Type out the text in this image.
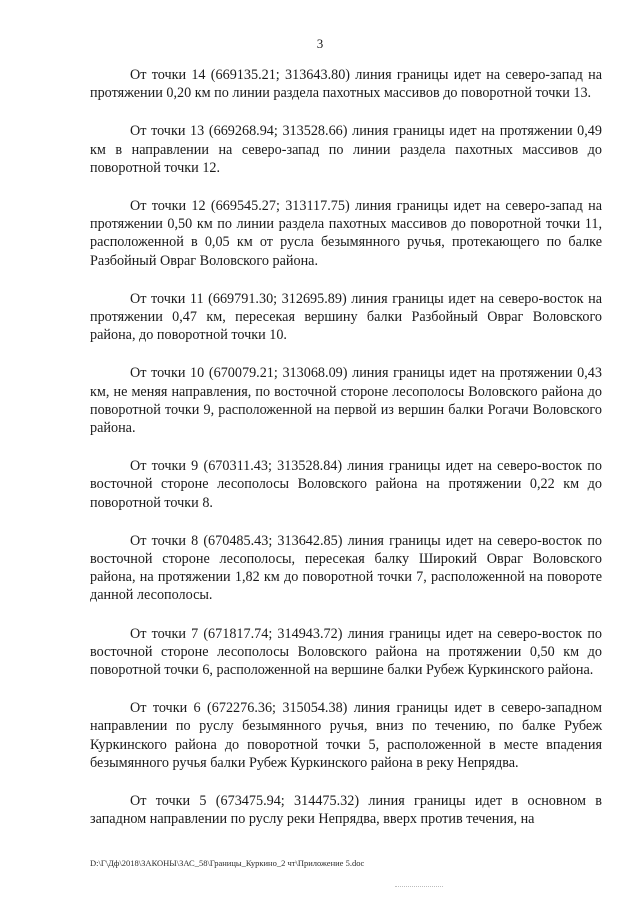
3

От точки 14 (669135.21; 313643.80) линия границы идет на северо-запад на протяжении 0,20 км по линии раздела пахотных массивов до поворотной точки 13.

От точки 13 (669268.94; 313528.66) линия границы идет на протяжении 0,49 км в направлении на северо-запад по линии раздела пахотных массивов до поворотной точки 12.

От точки 12 (669545.27; 313117.75) линия границы идет на северо-запад на протяжении 0,50 км по линии раздела пахотных массивов до поворотной точки 11, расположенной в 0,05 км от русла безымянного ручья, протекающего по балке Разбойный Овраг Воловского района.

От точки 11 (669791.30; 312695.89) линия границы идет на северо-восток на протяжении 0,47 км, пересекая вершину балки Разбойный Овраг Воловского района, до поворотной точки 10.

От точки 10 (670079.21; 313068.09) линия границы идет на протяжении 0,43 км, не меняя направления, по восточной стороне лесополосы Воловского района до поворотной точки 9, расположенной на первой из вершин балки Рогачи Воловского района.

От точки 9 (670311.43; 313528.84) линия границы идет на северо-восток по восточной стороне лесополосы Воловского района на протяжении 0,22 км до поворотной точки 8.

От точки 8 (670485.43; 313642.85) линия границы идет на северо-восток по восточной стороне лесополосы, пересекая балку Широкий Овраг Воловского района, на протяжении 1,82 км до поворотной точки 7, расположенной на повороте данной лесополосы.

От точки 7 (671817.74; 314943.72) линия границы идет на северо-восток по восточной стороне лесополосы Воловского района на протяжении 0,50 км до поворотной точки 6, расположенной на вершине балки Рубеж Куркинского района.

От точки 6 (672276.36; 315054.38) линия границы идет в северо-западном направлении по руслу безымянного ручья, вниз по течению, по балке Рубеж Куркинского района до поворотной точки 5, расположенной в месте впадения безымянного ручья балки Рубеж Куркинского района в реку Непрядва.

От точки 5 (673475.94; 314475.32) линия границы идет в основном в западном направлении по руслу реки Непрядва, вверх против течения, на

D:\Г\Дф\2018\ЗАКОНЫ\ЗАС_58\Границы_Куркино_2 чт\Приложение 5.doc
